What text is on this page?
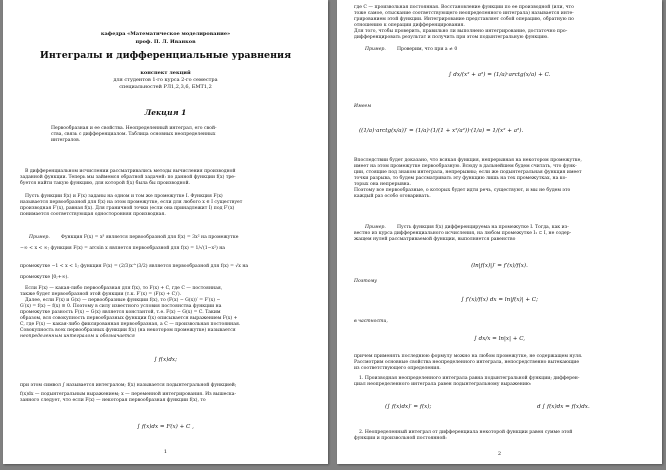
кафедра «Математическое моделирование»
проф. П. Л. Иванков
Интегралы и дифференциальные уравнения
конспект лекций
для студентов 1-го курса 2-го семестра
специальностей РЛ1,2,3,6, БМТ1,2
Лекция 1
Первообразная и ее свойства. Неопределенный интеграл, его свой-
ства, связь с дифференциалом. Таблица основных неопределенных
интегралов.
В дифференциальном исчислении рассматривались методы вычисления производной
заданной функции. Теперь мы займемся обратной задачей: по данной функции f(x) тре-
буется найти такую функцию, для которой f(x) была бы производной.
Пусть функции f(x) и F(x) заданы на одном и том же промежутке I. Функция F(x)
называется первообразной для f(x) на этом промежутке, если для любого x ∈ I существует
производная F′(x), равная f(x). Для граничной точки (если она принадлежит I) под F′(x)
понимается соответствующая односторонняя производная.
Пример. Функция F(x) = x³ является первообразной для f(x) = 3x² на промежутке
−∞ < x < ∞; функция F(x) = arcsin x является первообразной для f(x) = 1/√(1−x²) на
промежутке −1 < x < 1; функция F(x) = (2/3)x^(3/2) является первообразной для f(x) = √x на
промежутке [0;+∞).
Если F(x) — какая-либо первообразная для f(x), то F(x) + C, где C — постоянная,
также будет первообразной этой функции (т.к. F′(x) = (F(x) + C)′).
Далее, если F(x) и G(x) — первообразные функции f(x), то (F(x) − G(x))′ = F′(x) −
G′(x) = f(x) − f(x) ≡ 0. Поэтому в силу известного условия постоянства функции на
промежутке разность F(x) − G(x) является константой, т.е. F(x) − G(x) = C. Таким
образом, вся совокупность первообразных функции f(x) описывается выражением F(x) +
C, где F(x) — какая-либо фиксированная первообразная, а C — произвольная постоянная.
Совокупность всех первообразных функции f(x) (на некотором промежутке) называется
неопределенным интегралом и обозначается
∫ f(x)dx;
при этом символ ∫ называется интегралом; f(x) называется подынтегральной функцией;
f(x)dx — подынтегральным выражением; x — переменной интегрирования. Из вышеска-
занного следует, что если F(x) — некоторая первообразная функции f(x), то
∫ f(x)dx = F(x) + C ,
1
где C — произвольная постоянная. Восстановление функции по ее производной (или, что
тоже самое, отыскание соответствующего неопределенного интеграла) называется инте-
грированием этой функции. Интегрирование представляет собой операцию, обратную по
отношению к операции дифференцирования.
Для того, чтобы проверить, правильно ли выполнено интегрирование, достаточно про-
дифференцировать результат и получить при этом подынтегральную функцию.
Пример. Проверим, что при a ≠ 0
∫ dx/(x² + a²) = (1/a)·arctg(x/a) + C.
Имеем
((1/a)·arctg(x/a))′ = (1/a)·(1/(1 + x²/a²))·(1/a) = 1/(x² + a²).
Впоследствии будет доказано, что всякая функция, непрерывная на некотором промежутке,
имеет на этом промежутке первообразную. Всюду в дальнейшем будем считать, что функ-
ции, стоящие под знаком интеграла, непрерывны; если же подынтегральная функция имеет
точки разрыва, то будем рассматривать эту функцию лишь на тех промежутках, на ко-
торых она непрерывна.
Поэтому все первообразные, о которых будет идти речь, существуют, и мы не будем это
каждый раз особо оговаривать.
Пример. Пусть функция f(x) дифференцируема на промежутке I. Тогда, как из-
вестно из курса дифференциального исчисления, на любом промежутке I₁ ⊂ I, не содер-
жащем нулей рассматриваемой функции, выполняется равенство
(ln|f(x)|)′ = f′(x)/f(x).
Поэтому
∫ f′(x)/f(x) dx = ln|f(x)| + C;
в частности,
∫ dx/x = ln|x| + C,
причем применять последнюю формулу можно на любом промежутке, не содержащем нуля.
Рассмотрим основные свойства неопределенного интеграла, непосредственно вытекающие
из соответствующего определения.
1. Производная неопределенного интеграла равна подынтегральной функции; дифферен-
циал неопределенного интеграла равен подынтегральному выражению:
(∫ f(x)dx)′ = f(x);	d ∫ f(x)dx = f(x)dx.
2. Неопределенный интеграл от дифференциала некоторой функции равен сумме этой
функции и произвольной постоянной:
2
